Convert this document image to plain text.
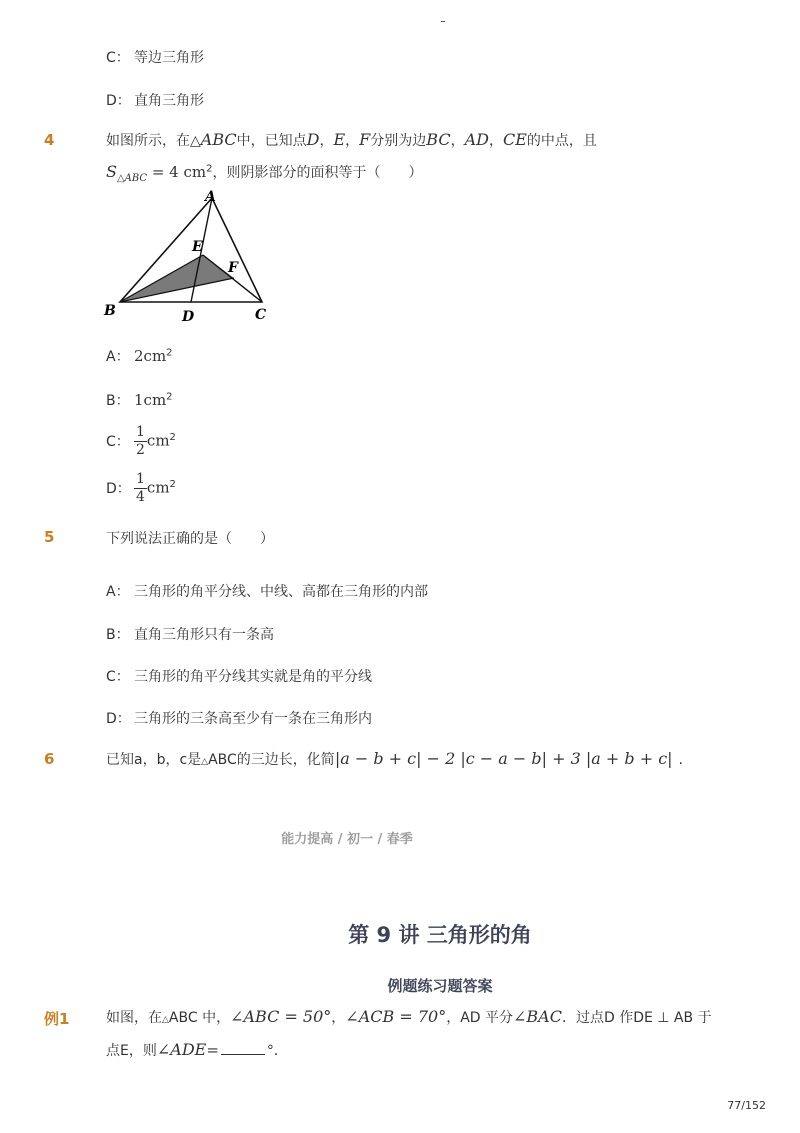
C： 等边三角形
D： 直角三角形
4	如图所示，在△ABC中，已知点D，E，F分别为边BC，AD，CE的中点，且
$S_{\triangle ABC} = 4$ $cm^2$，则阴影部分的面积等于（　　）
A
B	C
D
E
F
A： $2cm^2$
B： $1cm^2$
C： $\frac{1}{2} cm^2$
D： $\frac{1}{4} cm^2$
5	下列说法正确的是（　　）
A： 三角形的角平分线、中线、高都在三角形的内部
B： 直角三角形只有一条高
C： 三角形的角平分线其实就是角的平分线
D： 三角形的三条高至少有一条在三角形内
6	已知a，b，c是△ABC的三边长，化简|a − b + c| − 2 |c − a − b| + 3 |a + b + c| .
能力提高 / 初一 / 春季
第 9 讲 三角形的角
例题练习题答案
例1	如图，在△ABC 中，∠ABC = 50°，∠ACB = 70°，AD 平分∠BAC．过点D 作DE ⊥ AB 于
点E，则∠ADE=	°．
77/152
